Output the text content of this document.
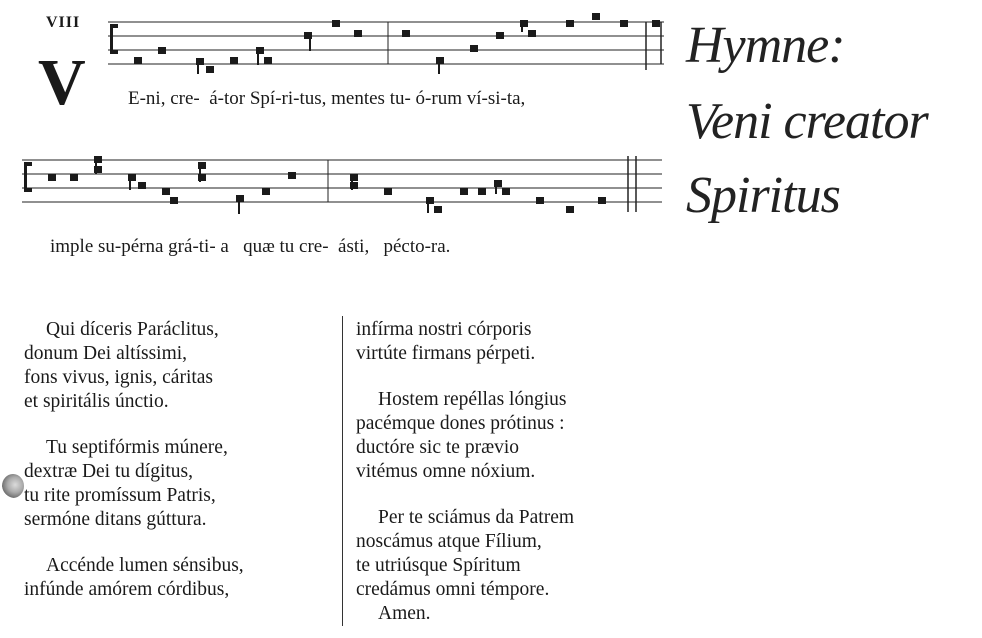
VIII
V E-ni, cre-  á-tor Spí-ri-tus, mentes tu- ó-rum ví-si-ta,
imple su-pérna grá-ti- a   quæ tu cre-  ásti,   péctо-ra.
Hymne:
Veni creator
Spiritus
Qui díceris Paráclitus,
donum Dei altíssimi,
fons vivus, ignis, cáritas
et spiritális únctio.
Tu septifórmis múnere,
dextræ Dei tu dígitus,
tu rite promíssum Patris,
sermóne ditans gúttura.
Accénde lumen sénsibus,
infúnde amórem córdibus,
infírma nostri córporis
virtúte firmans pérpeti.
Hostem repéllas lóngius
pacémque dones prótinus :
ductóre sic te prævio
vitémus omne nóxium.
Per te sciámus da Patrem
noscámus atque Fílium,
te utriúsque Spíritum
credámus omni témpore.
Amen.
